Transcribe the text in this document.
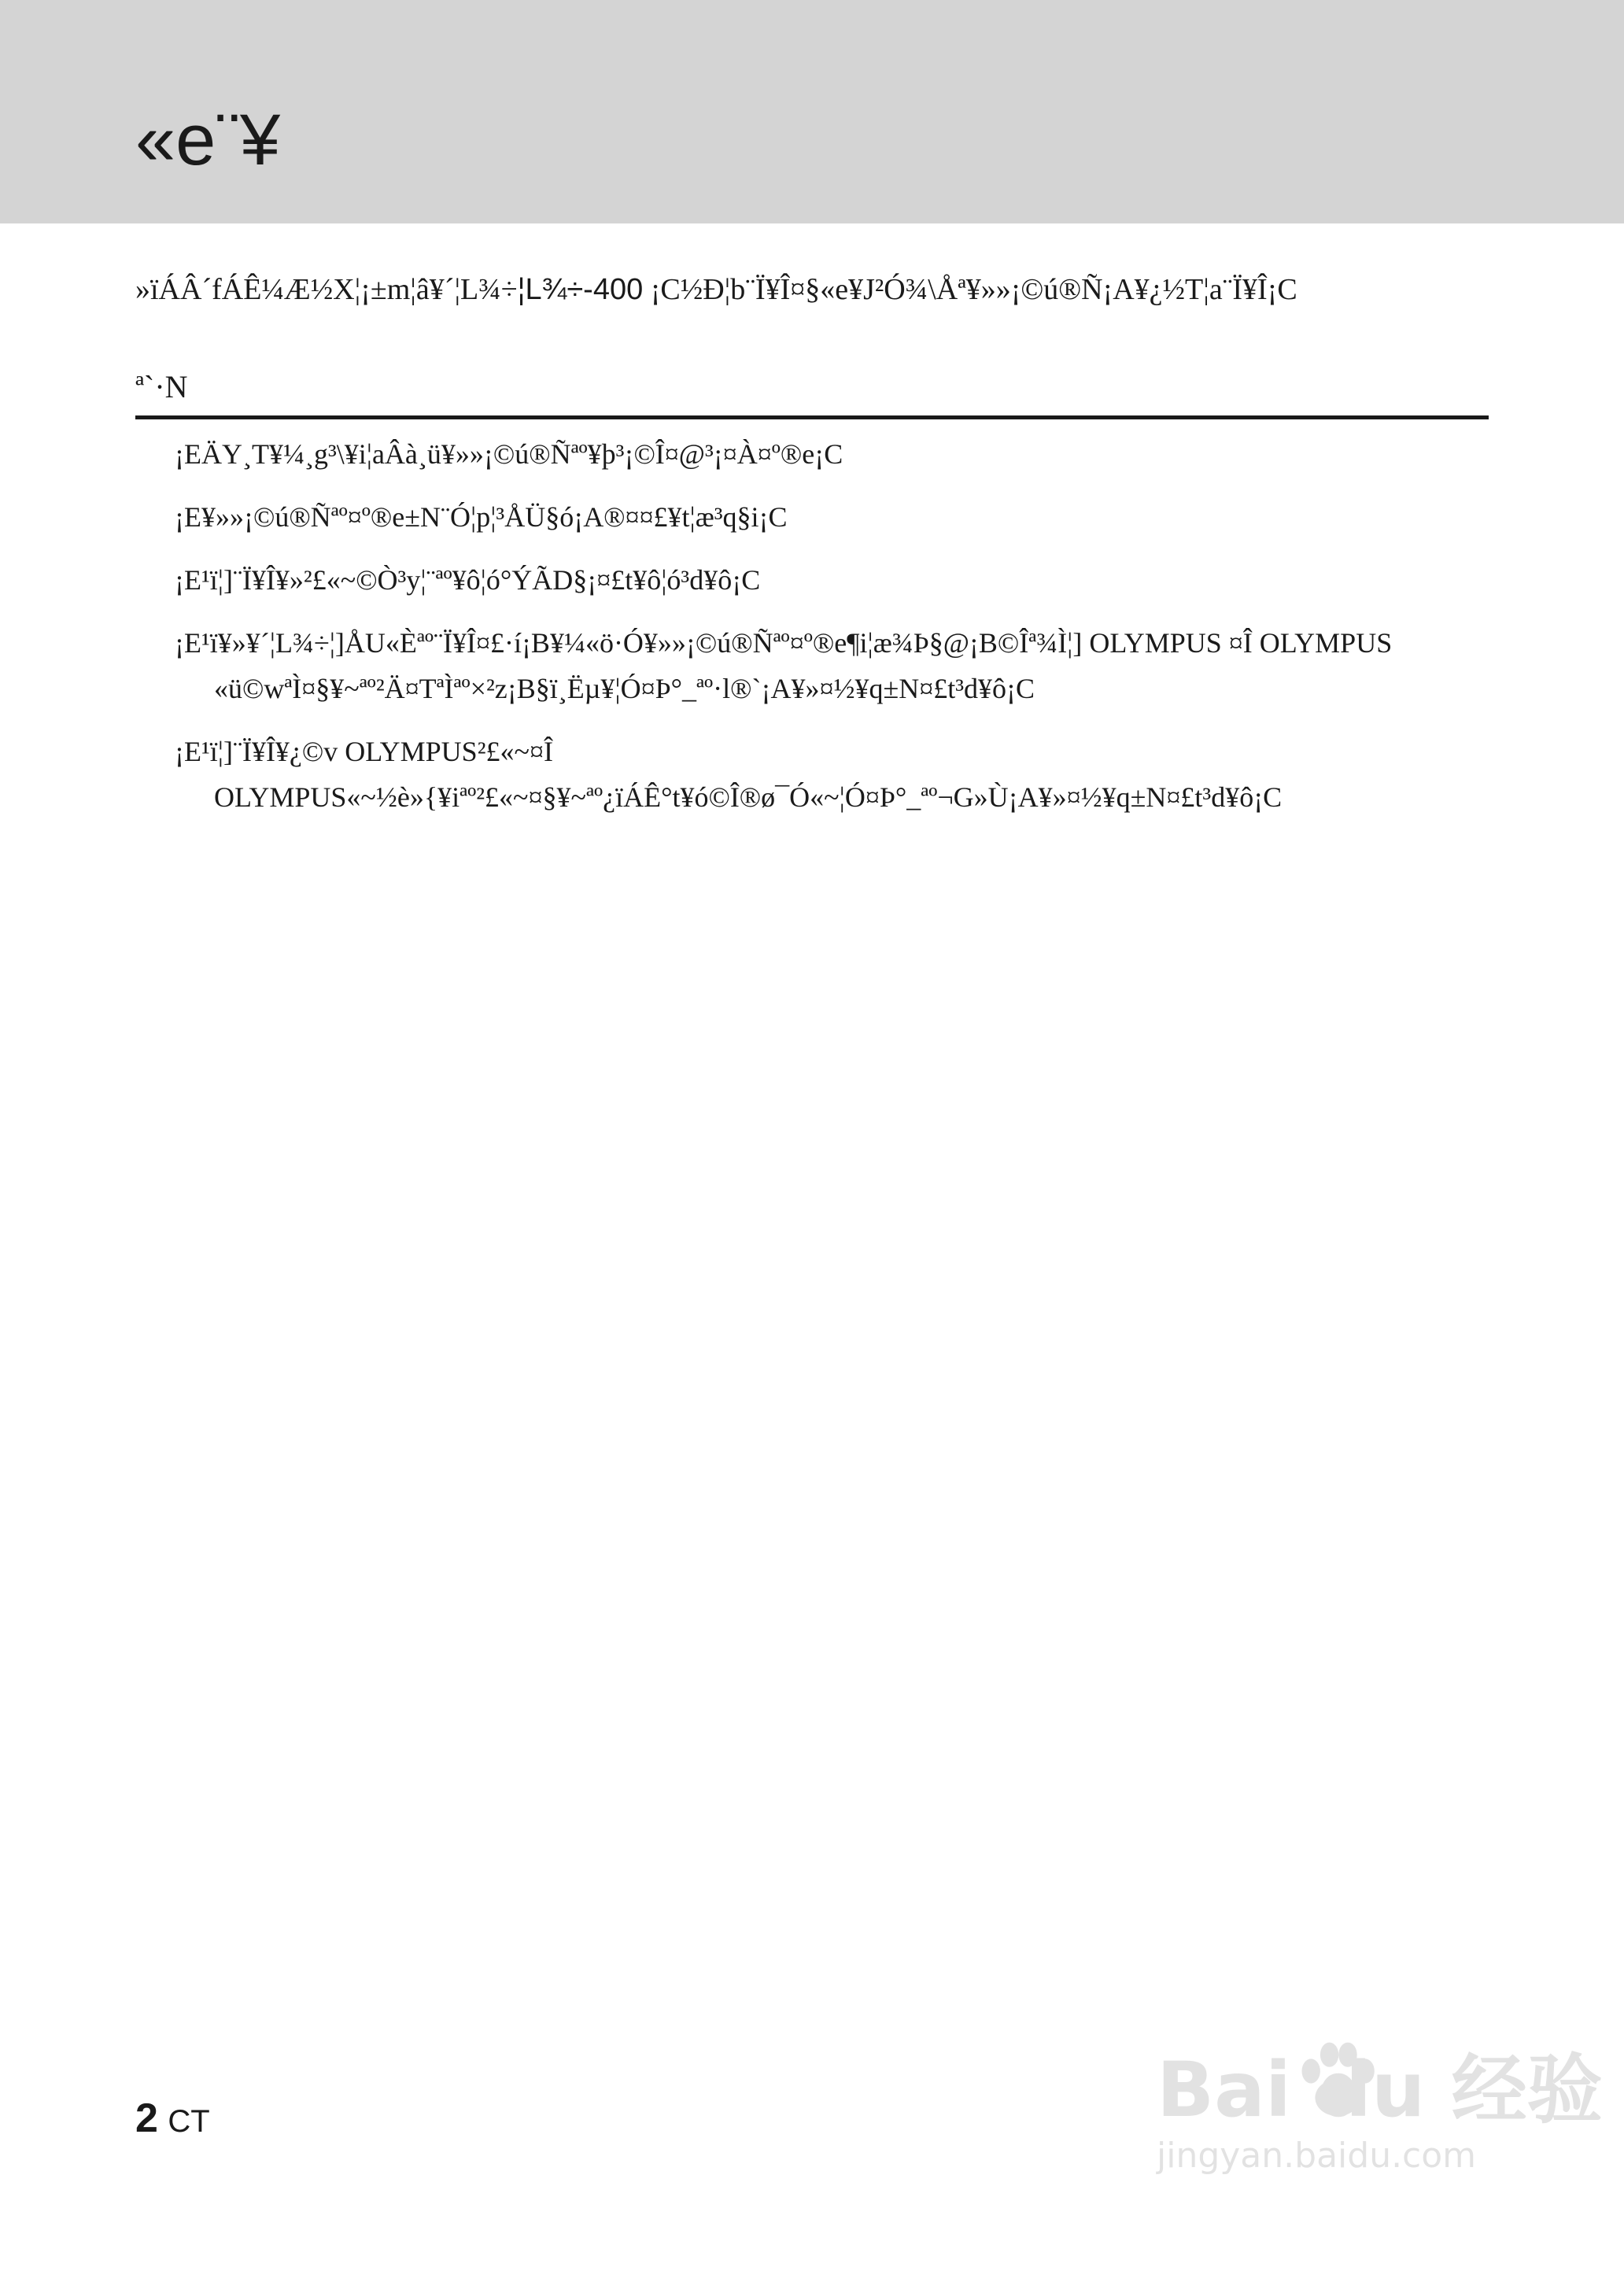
«e¨¥
»ïÁÂ´fÁÊ¼Æ½X¦¡±m¦â¥´¦L¾÷¦L¾÷-400 ¡C½Ð¦b¨Ï¥Î¤§«e¥J²Ó¾\Åª¥»»¡©ú®Ñ¡A¥¿½T¦a¨Ï¥Î¡C
ª`·N
¡EÄY¸T¥¼¸g³\¥i¦aÂà¸ü¥»»¡©ú®Ñªº¥þ³¡©Î¤@³¡¤À¤º®e¡C
¡E¥»»¡©ú®Ñªº¤º®e±N¨Ó¦p¦³ÅÜ§ó¡A®¤¤£¥t¦æ³q§i¡C
¡E¹ï¦]¨Ï¥Î¥»²£«~©Ò³y¦¨ªº¥ô¦ó°ÝÃD§¡¤£t¥ô¦ó³d¥ô¡C
¡E¹ï¥»¥´¦L¾÷¦]ÅU«Èªº¨Ï¥Î¤£·í¡B¥¼«ö·Ó¥»»¡©ú®Ñªº¤º®e¶i¦æ¾Þ§@¡B©Îª¾Ì¦] OLYMPUS ¤Î OLYMPUS «ü©wªÌ¤§¥~ªº²Ä¤TªÌªº×²z¡B§ï¸Ëµ¥¦Ó¤Þ°_ªº·l®`¡A¥»¤½¥q±N¤£t³d¥ô¡C
¡E¹ï¦]¨Ï¥Î¥¿©v OLYMPUS²£«~¤Î OLYMPUS«~½è»{¥iªº²£«~¤§¥~ªº¿ïÁÊ°t¥ó©Î®ø¯Ó«~¦Ó¤Þ°_ªº¬G»Ù¡A¥»¤½¥q±N¤£t³d¥ô¡C
2 CT	Bai du 经验
jingyan.baidu.com
